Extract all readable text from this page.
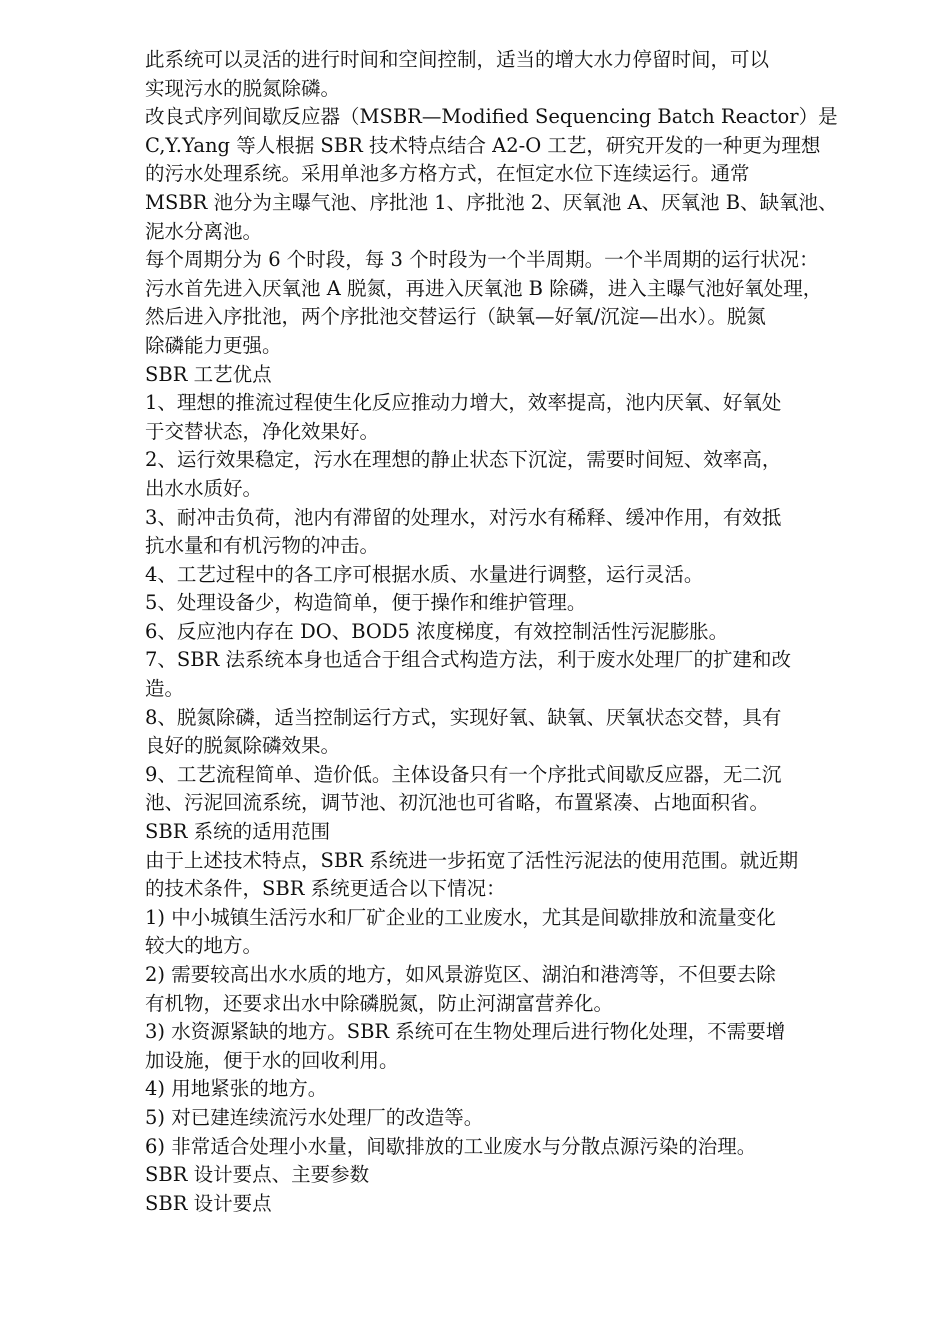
此系统可以灵活的进行时间和空间控制，适当的增大水力停留时间，可以

实现污水的脱氮除磷。

改良式序列间歇反应器（MSBR—Modified Sequencing Batch Reactor）是

C,Y.Yang 等人根据 SBR 技术特点结合 A2-O 工艺，研究开发的一种更为理想

的污水处理系统。采用单池多方格方式，在恒定水位下连续运行。通常

MSBR 池分为主曝气池、序批池 1、序批池 2、厌氧池 A、厌氧池 B、缺氧池、

泥水分离池。

每个周期分为 6 个时段，每 3 个时段为一个半周期。一个半周期的运行状况：

污水首先进入厌氧池 A 脱氮，再进入厌氧池 B 除磷，进入主曝气池好氧处理，

然后进入序批池，两个序批池交替运行（缺氧—好氧/沉淀—出水）。脱氮

除磷能力更强。

SBR 工艺优点

1、理想的推流过程使生化反应推动力增大，效率提高，池内厌氧、好氧处

于交替状态，净化效果好。

2、运行效果稳定，污水在理想的静止状态下沉淀，需要时间短、效率高，

出水水质好。

3、耐冲击负荷，池内有滞留的处理水，对污水有稀释、缓冲作用，有效抵

抗水量和有机污物的冲击。

4、工艺过程中的各工序可根据水质、水量进行调整，运行灵活。

5、处理设备少，构造简单，便于操作和维护管理。

6、反应池内存在 DO、BOD5 浓度梯度，有效控制活性污泥膨胀。

7、SBR 法系统本身也适合于组合式构造方法，利于废水处理厂的扩建和改

造。

8、脱氮除磷，适当控制运行方式，实现好氧、缺氧、厌氧状态交替，具有

良好的脱氮除磷效果。

9、工艺流程简单、造价低。主体设备只有一个序批式间歇反应器，无二沉

池、污泥回流系统，调节池、初沉池也可省略，布置紧凑、占地面积省。

SBR 系统的适用范围

由于上述技术特点，SBR 系统进一步拓宽了活性污泥法的使用范围。就近期

的技术条件，SBR 系统更适合以下情况：

1) 中小城镇生活污水和厂矿企业的工业废水，尤其是间歇排放和流量变化

较大的地方。

2) 需要较高出水水质的地方，如风景游览区、湖泊和港湾等，不但要去除

有机物，还要求出水中除磷脱氮，防止河湖富营养化。

3) 水资源紧缺的地方。SBR 系统可在生物处理后进行物化处理，不需要增

加设施，便于水的回收利用。

4) 用地紧张的地方。

5) 对已建连续流污水处理厂的改造等。

6) 非常适合处理小水量，间歇排放的工业废水与分散点源污染的治理。

SBR 设计要点、主要参数

SBR 设计要点
